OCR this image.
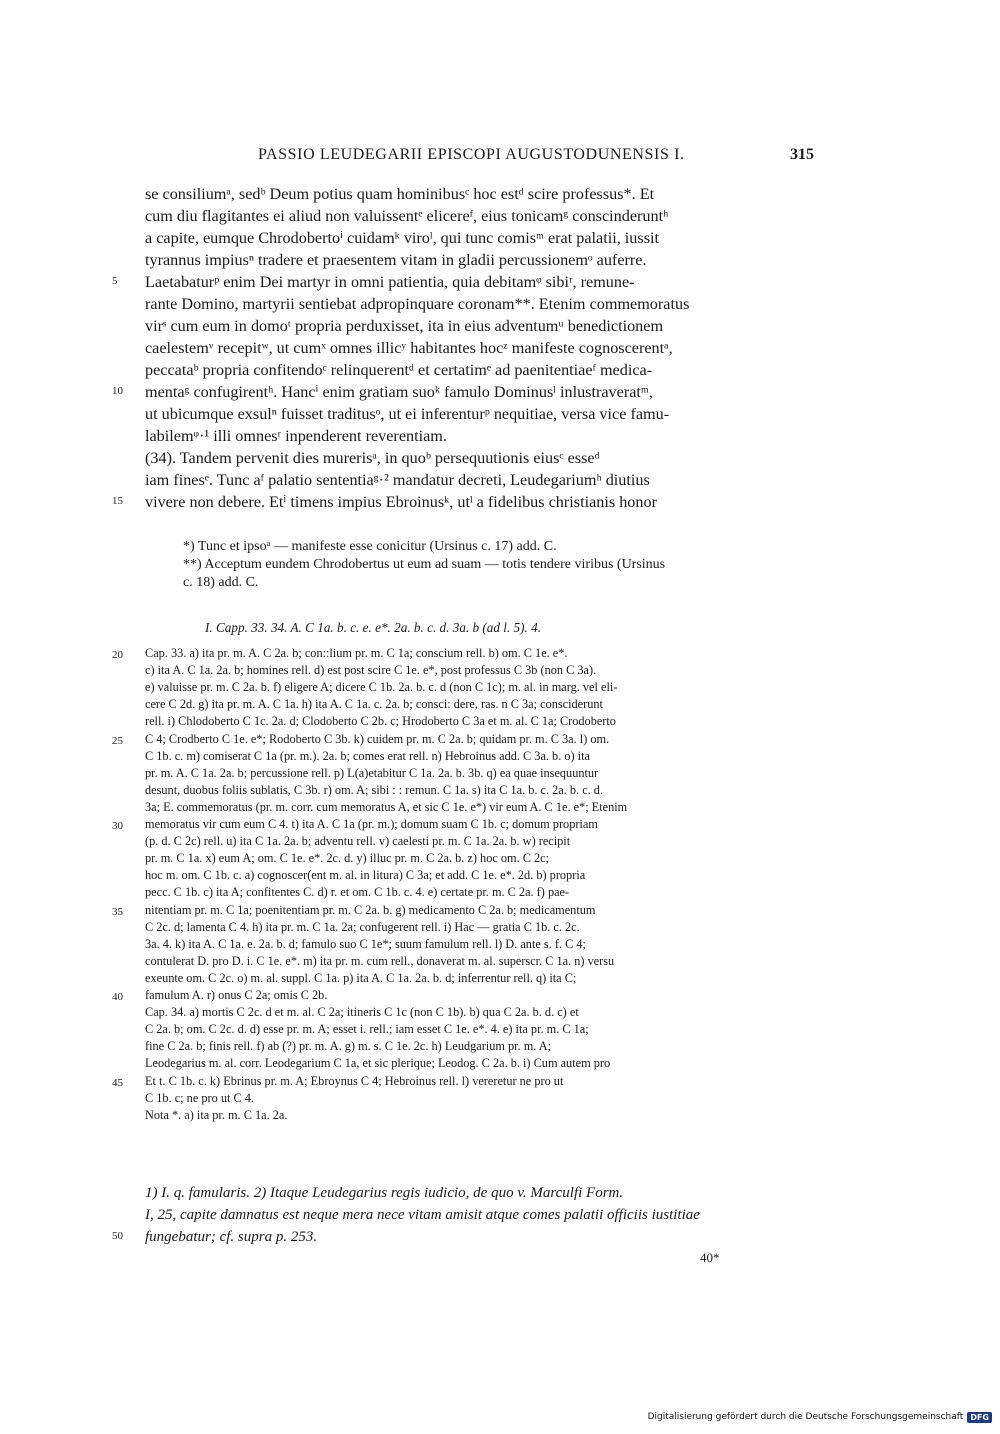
PASSIO LEUDEGARII EPISCOPI AUGUSTODUNENSIS I.	315
se consiliumᵃ, sedᵇ Deum potius quam hominibusᶜ hoc estᵈ scire professus*. Et
cum diu flagitantes ei aliud non valuissentᵉ elicereᶠ, eius tonicamᵍ conscinderuntʰ
a capite, eumque Chrodobertoⁱ cuidamᵏ viroˡ, qui tunc comisᵐ erat palatii, iussit
tyrannus impiusⁿ tradere et praesentem vitam in gladii percussionemᵒ auferre.
Laetabaturᵖ enim Dei martyr in omni patientia, quia debitamᵠ sibiʳ, remune-
rante Domino, martyrii sentiebat adpropinquare coronam**. Etenim commemoratus
virˢ cum eum in domoᵗ propria perduxisset, ita in eius adventumᵘ benedictionem
caelestemᵛ recepitʷ, ut cumˣ omnes illicʸ habitantes hocᶻ manifeste cognoscerentᵃ,
peccataᵇ propria confitendoᶜ relinquerentᵈ et certatimᵉ ad paenitentiaeᶠ medica-
mentaᵍ confugirentʰ. Hancⁱ enim gratiam suoᵏ famulo Dominusˡ inlustraveratᵐ,
ut ubicumque exsulⁿ fuisset traditusᵒ, ut ei inferenturᵖ nequitiae, versa vice famu-
labilemᵠ·¹ illi omnesʳ inpenderent reverentiam.
(34). Tandem pervenit dies murerisᵃ, in quoᵇ persequutionis eiusᶜ esseᵈ
iam finesᵉ. Tunc aᶠ palatio sententiaᵍ·² mandatur decreti, Leudegariumʰ diutius
vivere non debere. Etⁱ timens impius Ebroinusᵏ, utˡ a fidelibus christianis honor
5
10
15
*) Tunc et ipsoᵃ — manifeste esse conicitur (Ursinus c. 17) add. C.
**) Acceptum eundem Chrodobertus ut eum ad suam — totis tendere viribus (Ursinus
c. 18) add. C.
I. Capp. 33. 34. A. C 1a. b. c. e. e*. 2a. b. c. d. 3a. b (ad l. 5). 4.
Cap. 33. a) ita pr. m. A. C 2a. b; con::lium pr. m. C 1a; conscium rell. b) om. C 1e. e*.
c) ita A. C 1a. 2a. b; homines rell. d) est post scire C 1e. e*, post professus C 3b (non C 3a).
e) valuisse pr. m. C 2a. b. f) eligere A; dicere C 1b. 2a. b. c. d (non C 1c); m. al. in marg. vel eli-
cere C 2d. g) ita pr. m. A. C 1a. h) ita A. C 1a. c. 2a. b; consci: dere, ras. n C 3a; consciderunt
rell. i) Chlodoberto C 1c. 2a. d; Clodoberto C 2b. c; Hrodoberto C 3a et m. al. C 1a; Crodoberto
C 4; Crodberto C 1e. e*; Rodoberto C 3b. k) cuidem pr. m. C 2a. b; quidam pr. m. C 3a. l) om.
C 1b. c. m) comiserat C 1a (pr. m.). 2a. b; comes erat rell. n) Hebroinus add. C 3a. b. o) ita
pr. m. A. C 1a. 2a. b; percussione rell. p) L(a)etabitur C 1a. 2a. b. 3b. q) ea quae insequuntur
desunt, duobus foliis sublatis, C 3b. r) om. A; sibi : : remun. C 1a. s) ita C 1a. b. c. 2a. b. c. d.
3a; E. commemoratus (pr. m. corr. cum memoratus A, et sic C 1e. e*) vir eum A. C 1e. e*; Etenim
memoratus vir cum eum C 4. t) ita A. C 1a (pr. m.); domum suam C 1b. c; domum propriam
(p. d. C 2c) rell. u) ita C 1a. 2a. b; adventu rell. v) caelesti pr. m. C 1a. 2a. b. w) recipit
pr. m. C 1a. x) eum A; om. C 1e. e*. 2c. d. y) illuc pr. m. C 2a. b. z) hoc om. C 2c;
hoc m. om. C 1b. c. a) cognoscer(ent m. al. in litura) C 3a; et add. C 1e. e*. 2d. b) propria
pecc. C 1b. c) ita A; confitentes C. d) r. et om. C 1b. c. 4. e) certate pr. m. C 2a. f) pae-
nitentiam pr. m. C 1a; poenitentiam pr. m. C 2a. b. g) medicamento C 2a. b; medicamentum
C 2c. d; lamenta C 4. h) ita pr. m. C 1a. 2a; confugerent rell. i) Hac — gratia C 1b. c. 2c.
3a. 4. k) ita A. C 1a. e. 2a. b. d; famulo suo C 1e*; suum famulum rell. l) D. ante s. f. C 4;
contulerat D. pro D. i. C 1e. e*. m) ita pr. m. cum rell., donaverat m. al. superscr. C 1a. n) versu
exeunte om. C 2c. o) m. al. suppl. C 1a. p) ita A. C 1a. 2a. b. d; inferrentur rell. q) ita C;
famulum A. r) onus C 2a; omis C 2b.
Cap. 34. a) mortis C 2c. d et m. al. C 2a; itineris C 1c (non C 1b). b) qua C 2a. b. d. c) et
C 2a. b; om. C 2c. d. d) esse pr. m. A; esset i. rell.; iam esset C 1e. e*. 4. e) ita pr. m. C 1a;
fine C 2a. b; finis rell. f) ab (?) pr. m. A. g) m. s. C 1e. 2c. h) Leudgarium pr. m. A;
Leodegarius m. al. corr. Leodegarium C 1a, et sic plerique; Leodog. C 2a. b. i) Cum autem pro
Et t. C 1b. c. k) Ebrinus pr. m. A; Ebroynus C 4; Hebroinus rell. l) vereretur ne pro ut
C 1b. c; ne pro ut C 4.
Nota *. a) ita pr. m. C 1a. 2a.
20
25
30
35
40
45
1) I. q. famularis. 2) Itaque Leudegarius regis iudicio, de quo v. Marculfi Form.
I, 25, capite damnatus est neque mera nece vitam amisit atque comes palatii officiis iustitiae
fungebatur; cf. supra p. 253.
50
40*
Digitalisierung gefördert durch die Deutsche Forschungsgemeinschaft DFG
